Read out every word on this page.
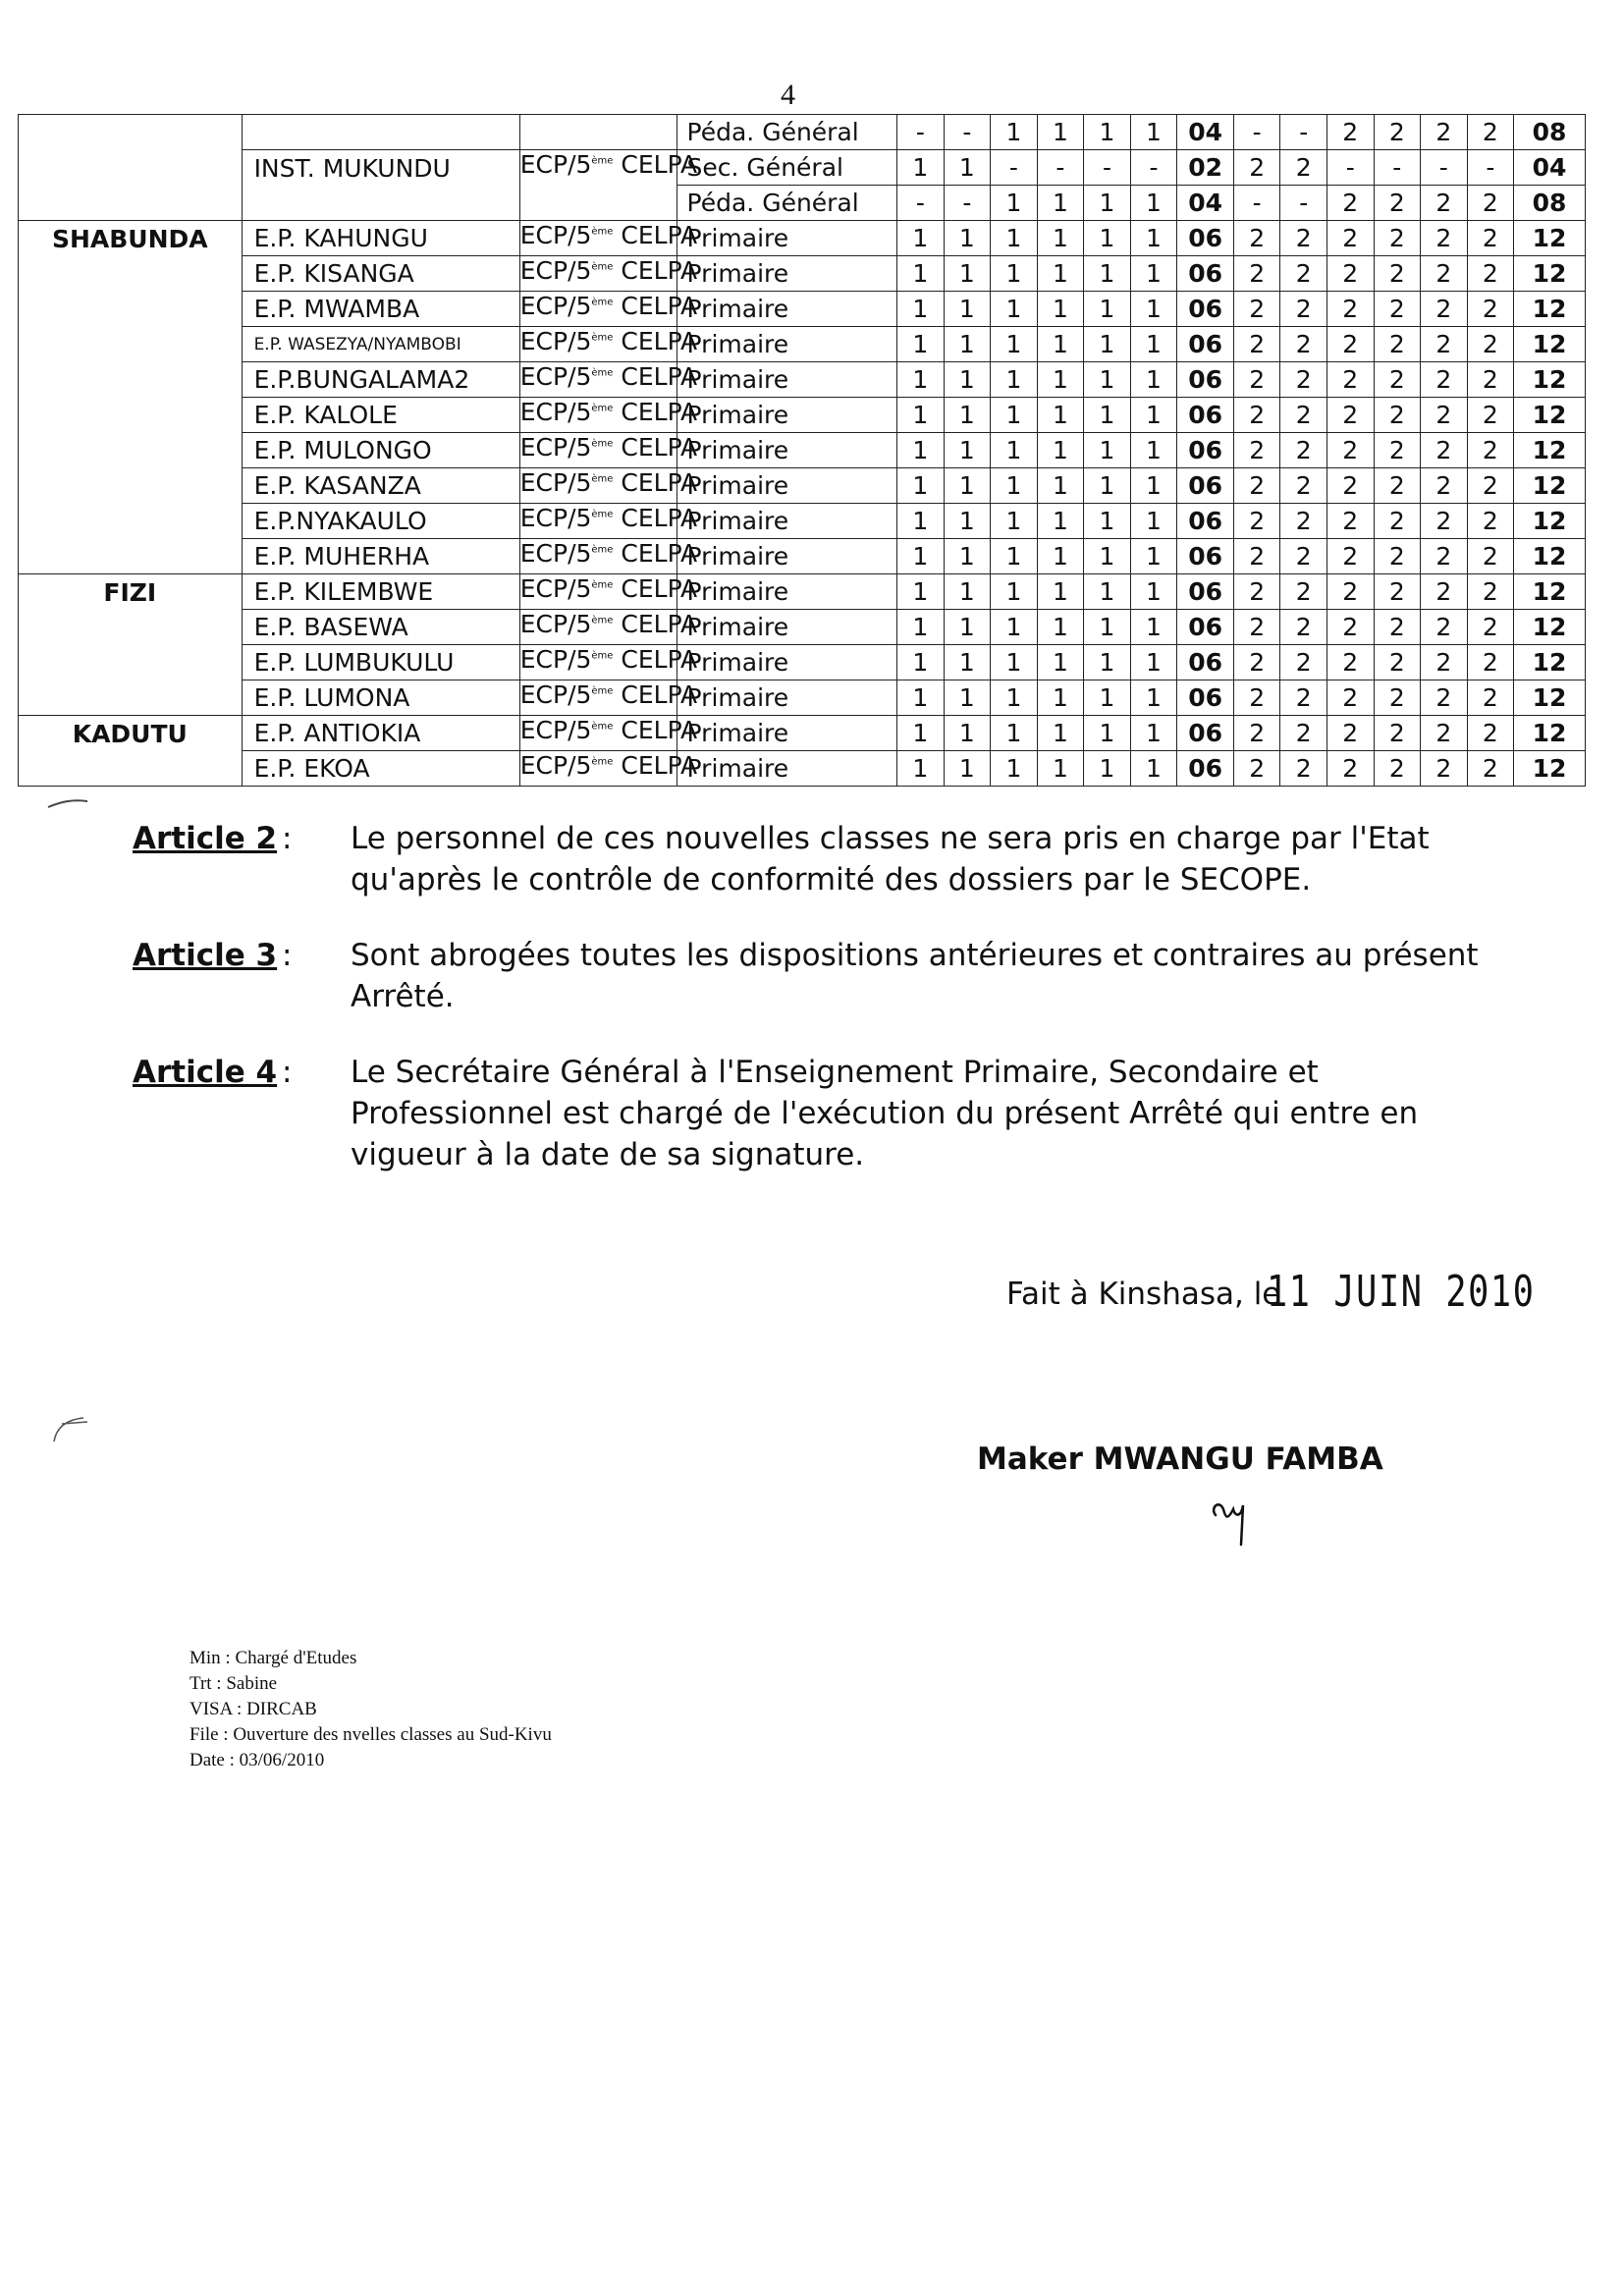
4
			Péda. Général	-	-	1	1	1	1	04	-	-	2	2	2	2	08
	INST. MUKUNDU	ECP/5ème CELPA	Sec. Général	1	1	-	-	-	-	02	2	2	-	-	-	-	04
			Péda. Général	-	-	1	1	1	1	04	-	-	2	2	2	2	08
SHABUNDA	E.P. KAHUNGU	ECP/5ème CELPA	Primaire	1	1	1	1	1	1	06	2	2	2	2	2	2	12
	E.P. KISANGA	ECP/5ème CELPA	Primaire	1	1	1	1	1	1	06	2	2	2	2	2	2	12
	E.P. MWAMBA	ECP/5ème CELPA	Primaire	1	1	1	1	1	1	06	2	2	2	2	2	2	12
	E.P. WASEZYA/NYAMBOBI	ECP/5ème CELPA	Primaire	1	1	1	1	1	1	06	2	2	2	2	2	2	12
	E.P.BUNGALAMA2	ECP/5ème CELPA	Primaire	1	1	1	1	1	1	06	2	2	2	2	2	2	12
	E.P. KALOLE	ECP/5ème CELPA	Primaire	1	1	1	1	1	1	06	2	2	2	2	2	2	12
	E.P. MULONGO	ECP/5ème CELPA	Primaire	1	1	1	1	1	1	06	2	2	2	2	2	2	12
	E.P. KASANZA	ECP/5ème CELPA	Primaire	1	1	1	1	1	1	06	2	2	2	2	2	2	12
	E.P.NYAKAULO	ECP/5ème CELPA	Primaire	1	1	1	1	1	1	06	2	2	2	2	2	2	12
	E.P. MUHERHA	ECP/5ème CELPA	Primaire	1	1	1	1	1	1	06	2	2	2	2	2	2	12
FIZI	E.P. KILEMBWE	ECP/5ème CELPA	Primaire	1	1	1	1	1	1	06	2	2	2	2	2	2	12
	E.P. BASEWA	ECP/5ème CELPA	Primaire	1	1	1	1	1	1	06	2	2	2	2	2	2	12
	E.P. LUMBUKULU	ECP/5ème CELPA	Primaire	1	1	1	1	1	1	06	2	2	2	2	2	2	12
	E.P. LUMONA	ECP/5ème CELPA	Primaire	1	1	1	1	1	1	06	2	2	2	2	2	2	12
KADUTU	E.P. ANTIOKIA	ECP/5ème CELPA	Primaire	1	1	1	1	1	1	06	2	2	2	2	2	2	12
	E.P. EKOA	ECP/5ème CELPA	Primaire	1	1	1	1	1	1	06	2	2	2	2	2	2	12
Article 2 : Le personnel de ces nouvelles classes ne sera pris en charge par l'Etat qu'après le contrôle de conformité des dossiers par le SECOPE.
Article 3 : Sont abrogées toutes les dispositions antérieures et contraires au présent Arrêté.
Article 4 : Le Secrétaire Général à l'Enseignement Primaire, Secondaire et Professionnel est chargé de l'exécution du présent Arrêté qui entre en vigueur à la date de sa signature.
Fait à Kinshasa, le
11 JUIN 2010
Maker MWANGU FAMBA
Min : Chargé d'Etudes
Trt : Sabine
VISA : DIRCAB
File : Ouverture des nvelles classes au Sud-Kivu
Date : 03/06/2010
